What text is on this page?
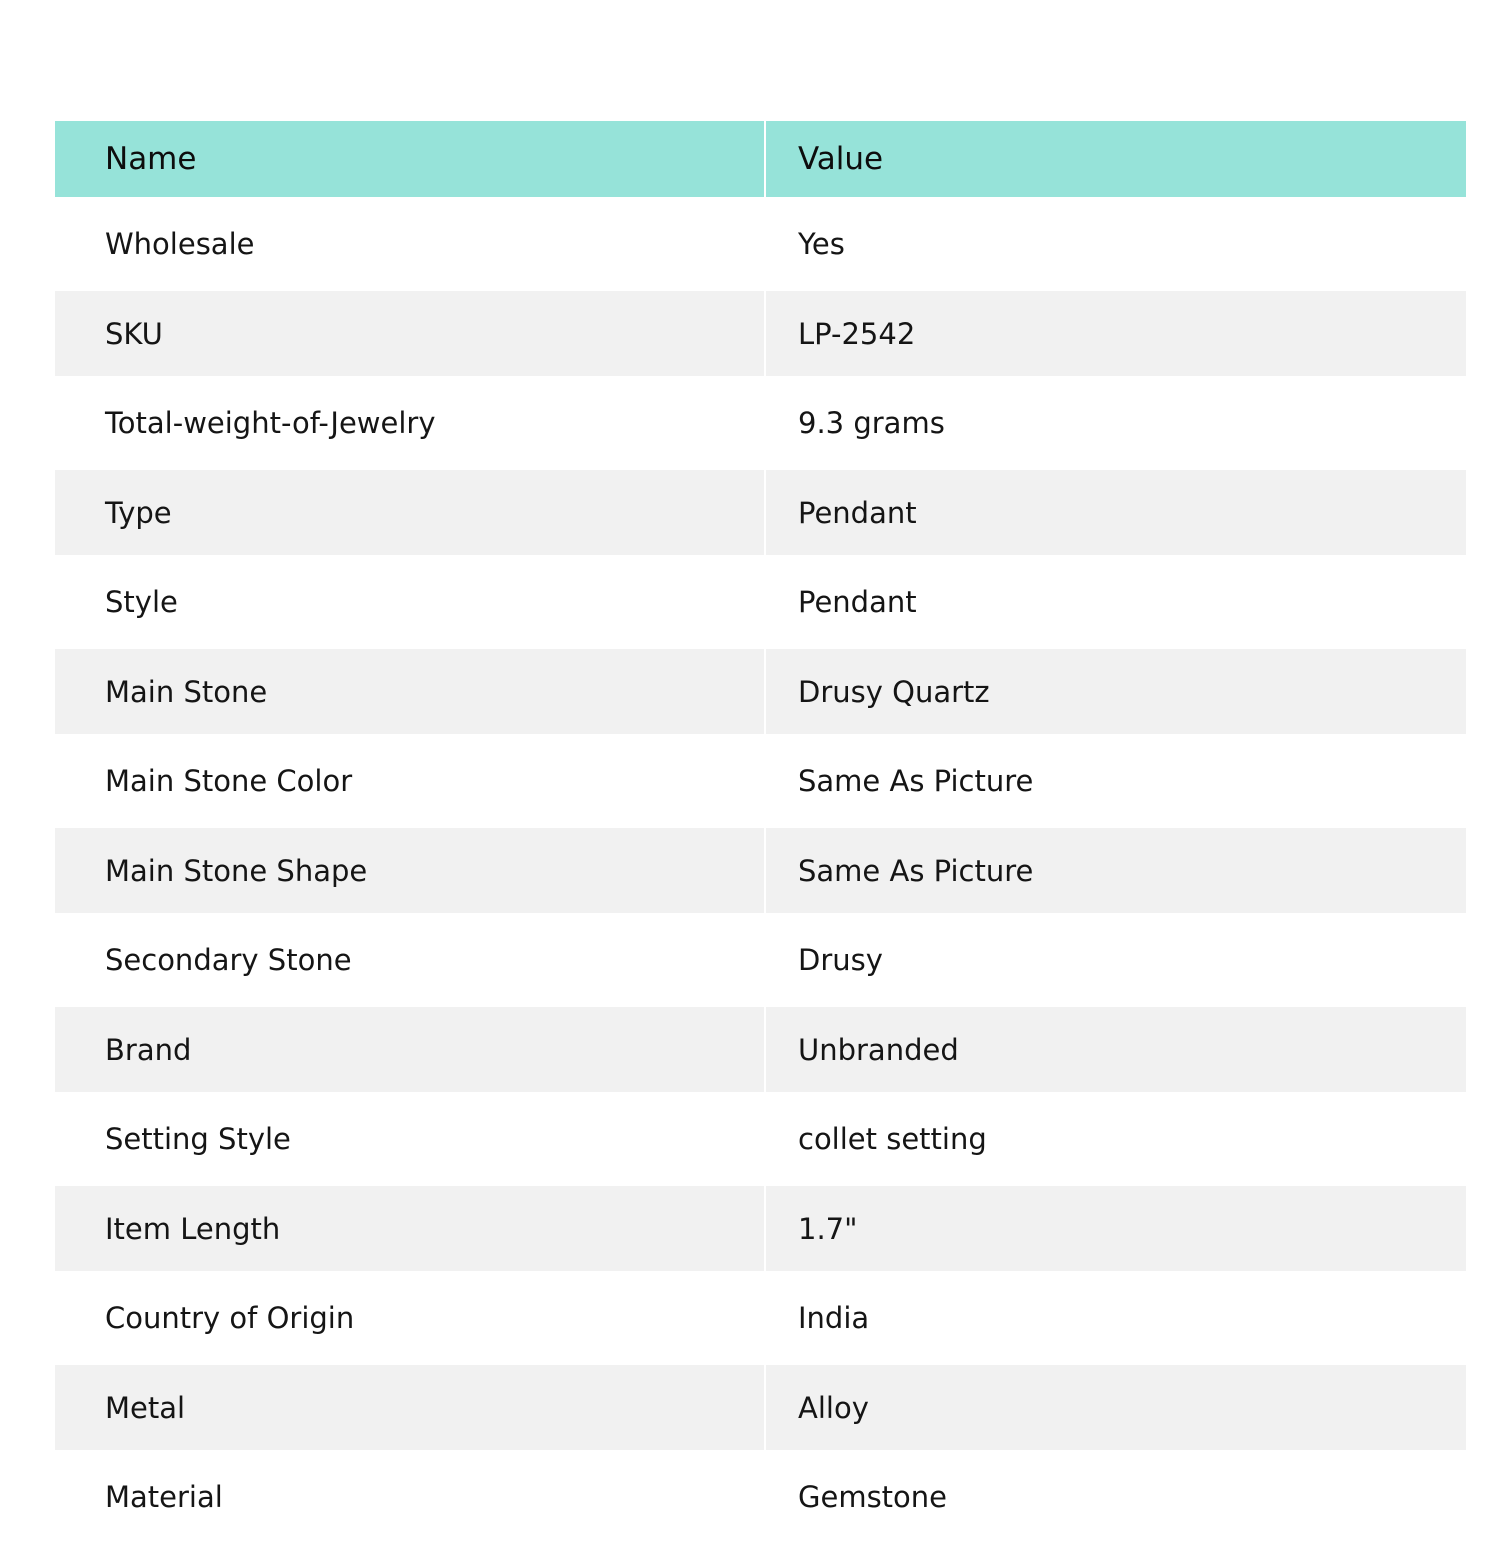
Name	Value
Wholesale	Yes
SKU	LP-2542
Total-weight-of-Jewelry	9.3 grams
Type	Pendant
Style	Pendant
Main Stone	Drusy Quartz
Main Stone Color	Same As Picture
Main Stone Shape	Same As Picture
Secondary Stone	Drusy
Brand	Unbranded
Setting Style	collet setting
Item Length	1.7"
Country of Origin	India
Metal	Alloy
Material	Gemstone
